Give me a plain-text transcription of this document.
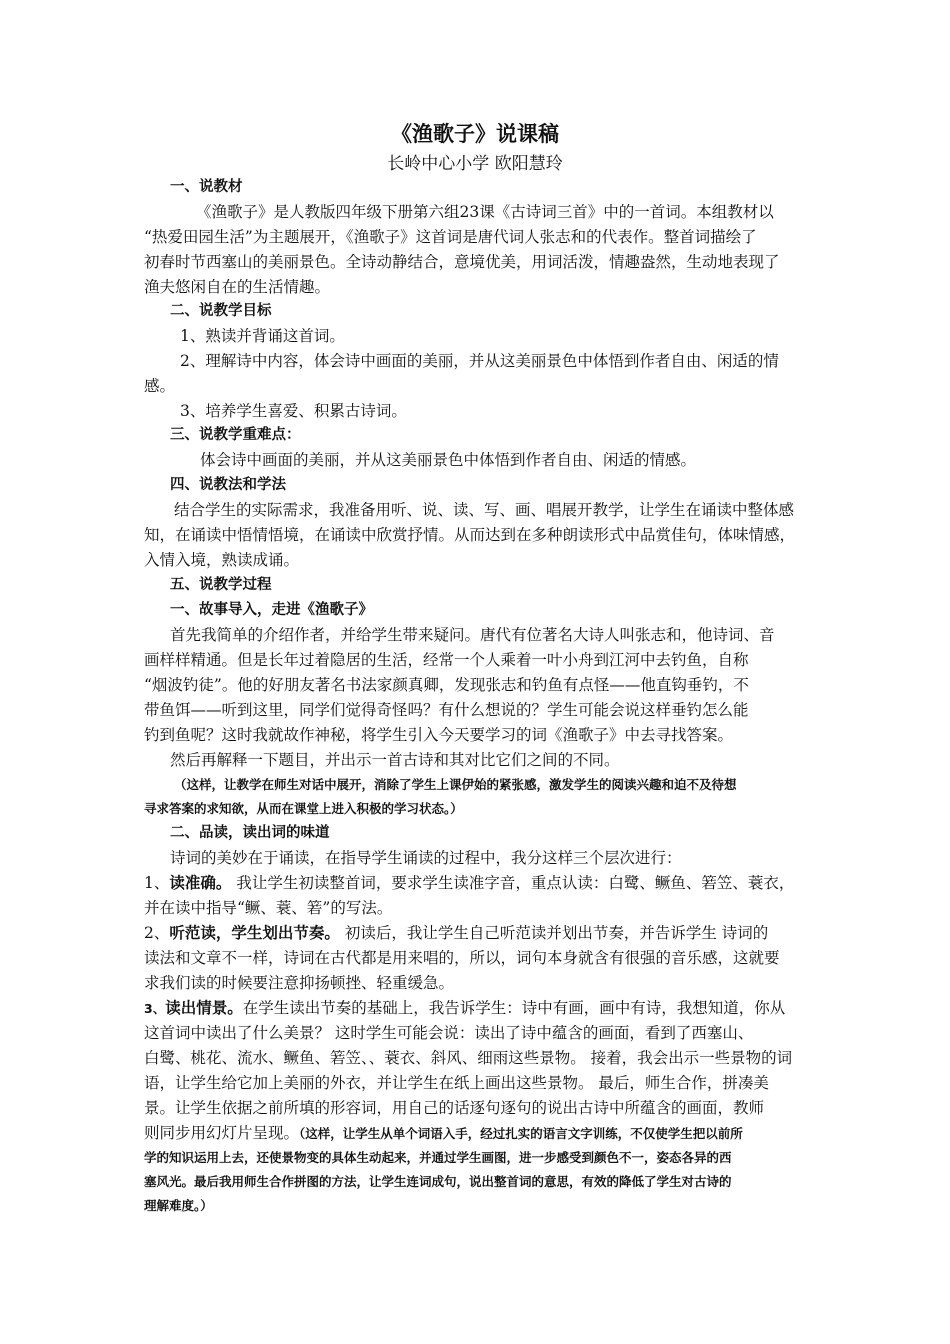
《渔歌子》说课稿
长岭中心小学 欧阳慧玲
一、说教材
《渔歌子》是人教版四年级下册第六组23课《古诗词三首》中的一首词。本组教材以
“热爱田园生活”为主题展开，《渔歌子》这首词是唐代词人张志和的代表作。整首词描绘了
初春时节西塞山的美丽景色。全诗动静结合，意境优美，用词活泼，情趣盎然，生动地表现了
渔夫悠闲自在的生活情趣。
二、说教学目标
1、熟读并背诵这首词。
2、理解诗中内容，体会诗中画面的美丽，并从这美丽景色中体悟到作者自由、闲适的情
感。
3、培养学生喜爱、积累古诗词。
三、说教学重难点：
体会诗中画面的美丽，并从这美丽景色中体悟到作者自由、闲适的情感。
四、说教法和学法
结合学生的实际需求，我准备用听、说、读、写、画、唱展开教学，让学生在诵读中整体感
知，在诵读中悟情悟境，在诵读中欣赏抒情。从而达到在多种朗读形式中品赏佳句，体味情感，
入情入境，熟读成诵。
五、说教学过程
一、故事导入，走进《渔歌子》
首先我简单的介绍作者，并给学生带来疑问。唐代有位著名大诗人叫张志和，他诗词、音
画样样精通。但是长年过着隐居的生活，经常一个人乘着一叶小舟到江河中去钓鱼，自称
“烟波钓徒”。他的好朋友著名书法家颜真卿，发现张志和钓鱼有点怪——他直钩垂钓，不
带鱼饵——听到这里，同学们觉得奇怪吗？有什么想说的？学生可能会说这样垂钓怎么能
钓到鱼呢？这时我就故作神秘，将学生引入今天要学习的词《渔歌子》中去寻找答案。
然后再解释一下题目，并出示一首古诗和其对比它们之间的不同。
（这样，让教学在师生对话中展开，消除了学生上课伊始的紧张感，激发学生的阅读兴趣和迫不及待想
寻求答案的求知欲，从而在课堂上进入积极的学习状态。）
二、品读，读出词的味道
诗词的美妙在于诵读，在指导学生诵读的过程中，我分这样三个层次进行：
1、读准确。 我让学生初读整首词，要求学生读准字音，重点认读：白鹭、鳜鱼、箬笠、蓑衣，
并在读中指导“鳜、蓑、箬”的写法。
2、听范读，学生划出节奏。 初读后，我让学生自己听范读并划出节奏，并告诉学生 诗词的
读法和文章不一样，诗词在古代都是用来唱的，所以，词句本身就含有很强的音乐感，这就要
求我们读的时候要注意抑扬顿挫、轻重缓急。
3、读出情景。在学生读出节奏的基础上，我告诉学生：诗中有画，画中有诗，我想知道，你从
这首词中读出了什么美景？ 这时学生可能会说：读出了诗中蕴含的画面，看到了西塞山、
白鹭、桃花、流水、鳜鱼、箬笠、、蓑衣、斜风、细雨这些景物。 接着，我会出示一些景物的词
语，让学生给它加上美丽的外衣，并让学生在纸上画出这些景物。 最后，师生合作，拼凑美
景。让学生依据之前所填的形容词，用自己的话逐句逐句的说出古诗中所蕴含的画面，教师
则同步用幻灯片呈现。（这样，让学生从单个词语入手，经过扎实的语言文字训练，不仅使学生把以前所
学的知识运用上去，还使景物变的具体生动起来，并通过学生画图，进一步感受到颜色不一，姿态各异的西
塞风光。最后我用师生合作拼图的方法，让学生连词成句，说出整首词的意思，有效的降低了学生对古诗的
理解难度。）
